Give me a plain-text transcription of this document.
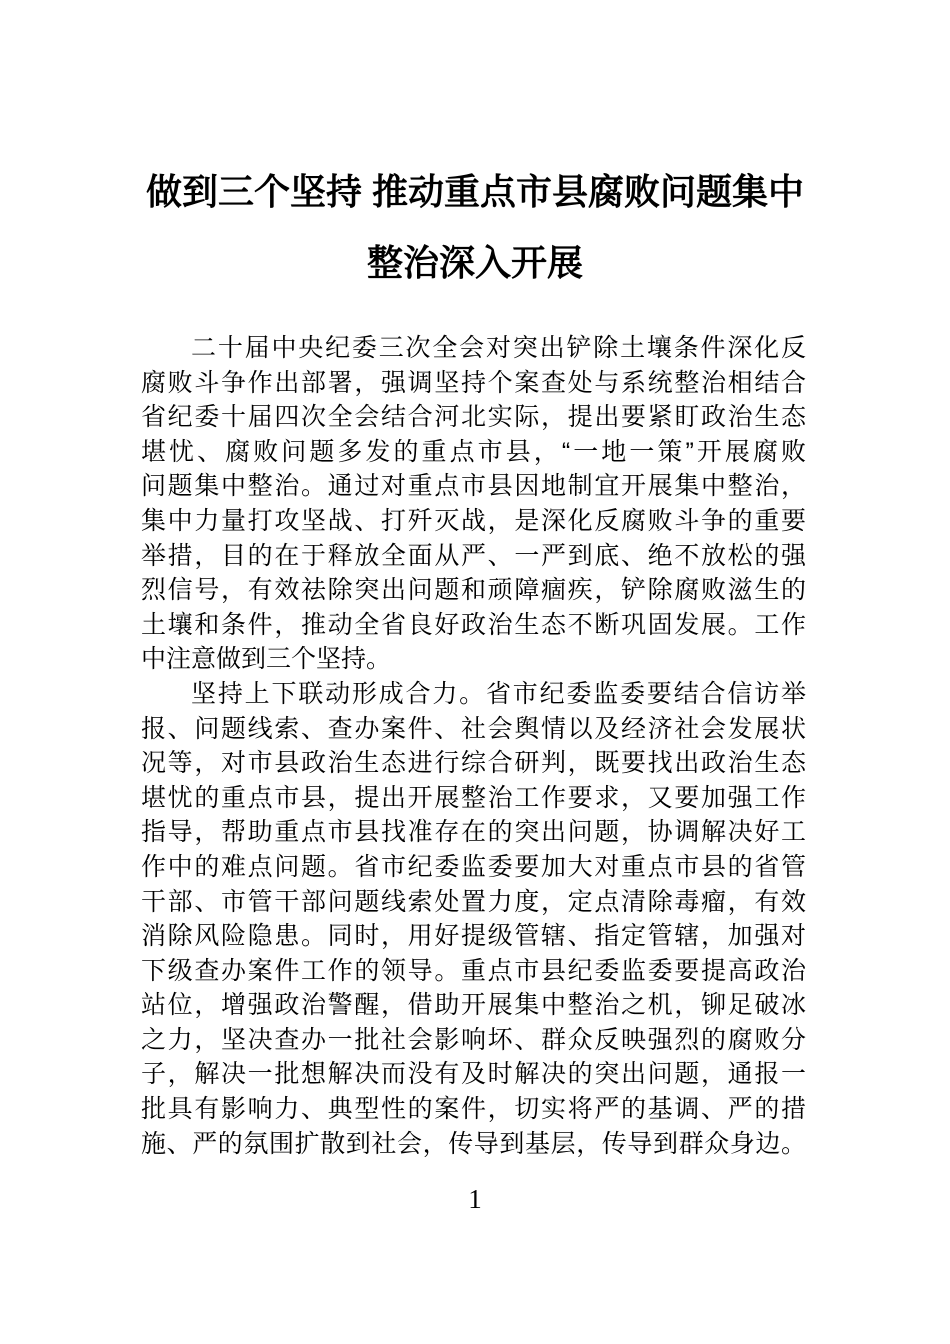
做到三个坚持 推动重点市县腐败问题集中
整治深入开展
二十届中央纪委三次全会对突出铲除土壤条件深化反
腐败斗争作出部署，强调坚持个案查处与系统整治相结合
省纪委十届四次全会结合河北实际，提出要紧盯政治生态
堪忧、腐败问题多发的重点市县，“一地一策”开展腐败
问题集中整治。通过对重点市县因地制宜开展集中整治，
集中力量打攻坚战、打歼灭战，是深化反腐败斗争的重要
举措，目的在于释放全面从严、一严到底、绝不放松的强
烈信号，有效祛除突出问题和顽障痼疾，铲除腐败滋生的
土壤和条件，推动全省良好政治生态不断巩固发展。工作
中注意做到三个坚持。
坚持上下联动形成合力。省市纪委监委要结合信访举
报、问题线索、查办案件、社会舆情以及经济社会发展状
况等，对市县政治生态进行综合研判，既要找出政治生态
堪忧的重点市县，提出开展整治工作要求，又要加强工作
指导，帮助重点市县找准存在的突出问题，协调解决好工
作中的难点问题。省市纪委监委要加大对重点市县的省管
干部、市管干部问题线索处置力度，定点清除毒瘤，有效
消除风险隐患。同时，用好提级管辖、指定管辖，加强对
下级查办案件工作的领导。重点市县纪委监委要提高政治
站位，增强政治警醒，借助开展集中整治之机，铆足破冰
之力，坚决查办一批社会影响坏、群众反映强烈的腐败分
子，解决一批想解决而没有及时解决的突出问题，通报一
批具有影响力、典型性的案件，切实将严的基调、严的措
施、严的氛围扩散到社会，传导到基层，传导到群众身边。
1
